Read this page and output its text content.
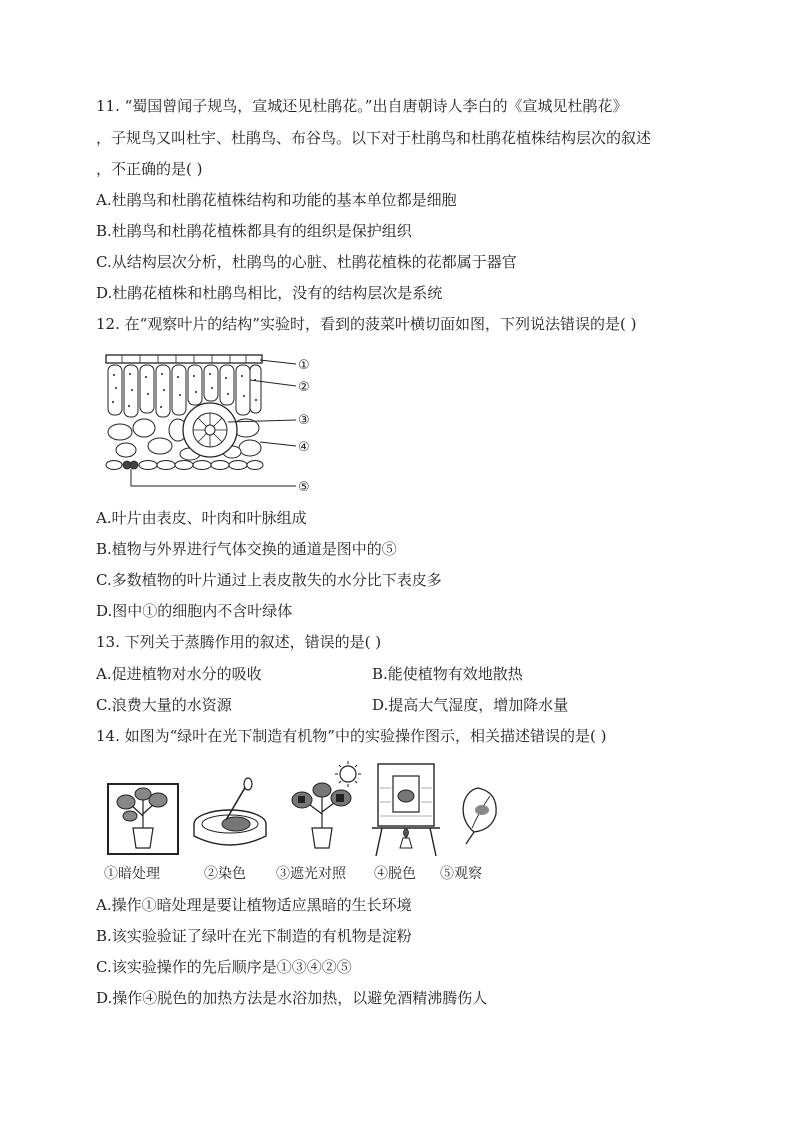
11. “蜀国曾闻子规鸟，宣城还见杜鹃花。”出自唐朝诗人李白的《宣城见杜鹃花》
，子规鸟又叫杜宇、杜鹃鸟、布谷鸟。以下对于杜鹃鸟和杜鹃花植株结构层次的叙述
，不正确的是( )
A.杜鹃鸟和杜鹃花植株结构和功能的基本单位都是细胞
B.杜鹃鸟和杜鹃花植株都具有的组织是保护组织
C.从结构层次分析，杜鹃鸟的心脏、杜鹃花植株的花都属于器官
D.杜鹃花植株和杜鹃鸟相比，没有的结构层次是系统
12. 在“观察叶片的结构”实验时，看到的菠菜叶横切面如图，下列说法错误的是( )
①
②
③
④
⑤
A.叶片由表皮、叶肉和叶脉组成
B.植物与外界进行气体交换的通道是图中的⑤
C.多数植物的叶片通过上表皮散失的水分比下表皮多
D.图中①的细胞内不含叶绿体
13. 下列关于蒸腾作用的叙述，错误的是( )
A.促进植物对水分的吸收	B.能使植物有效地散热
C.浪费大量的水资源	D.提高大气湿度，增加降水量
14. 如图为“绿叶在光下制造有机物”中的实验操作图示，相关描述错误的是( )
①暗处理	②染色 ③遮光对照 ④脱色 ⑤观察
A.操作①暗处理是要让植物适应黑暗的生长环境
B.该实验验证了绿叶在光下制造的有机物是淀粉
C.该实验操作的先后顺序是①③④②⑤
D.操作④脱色的加热方法是水浴加热，以避免酒精沸腾伤人
